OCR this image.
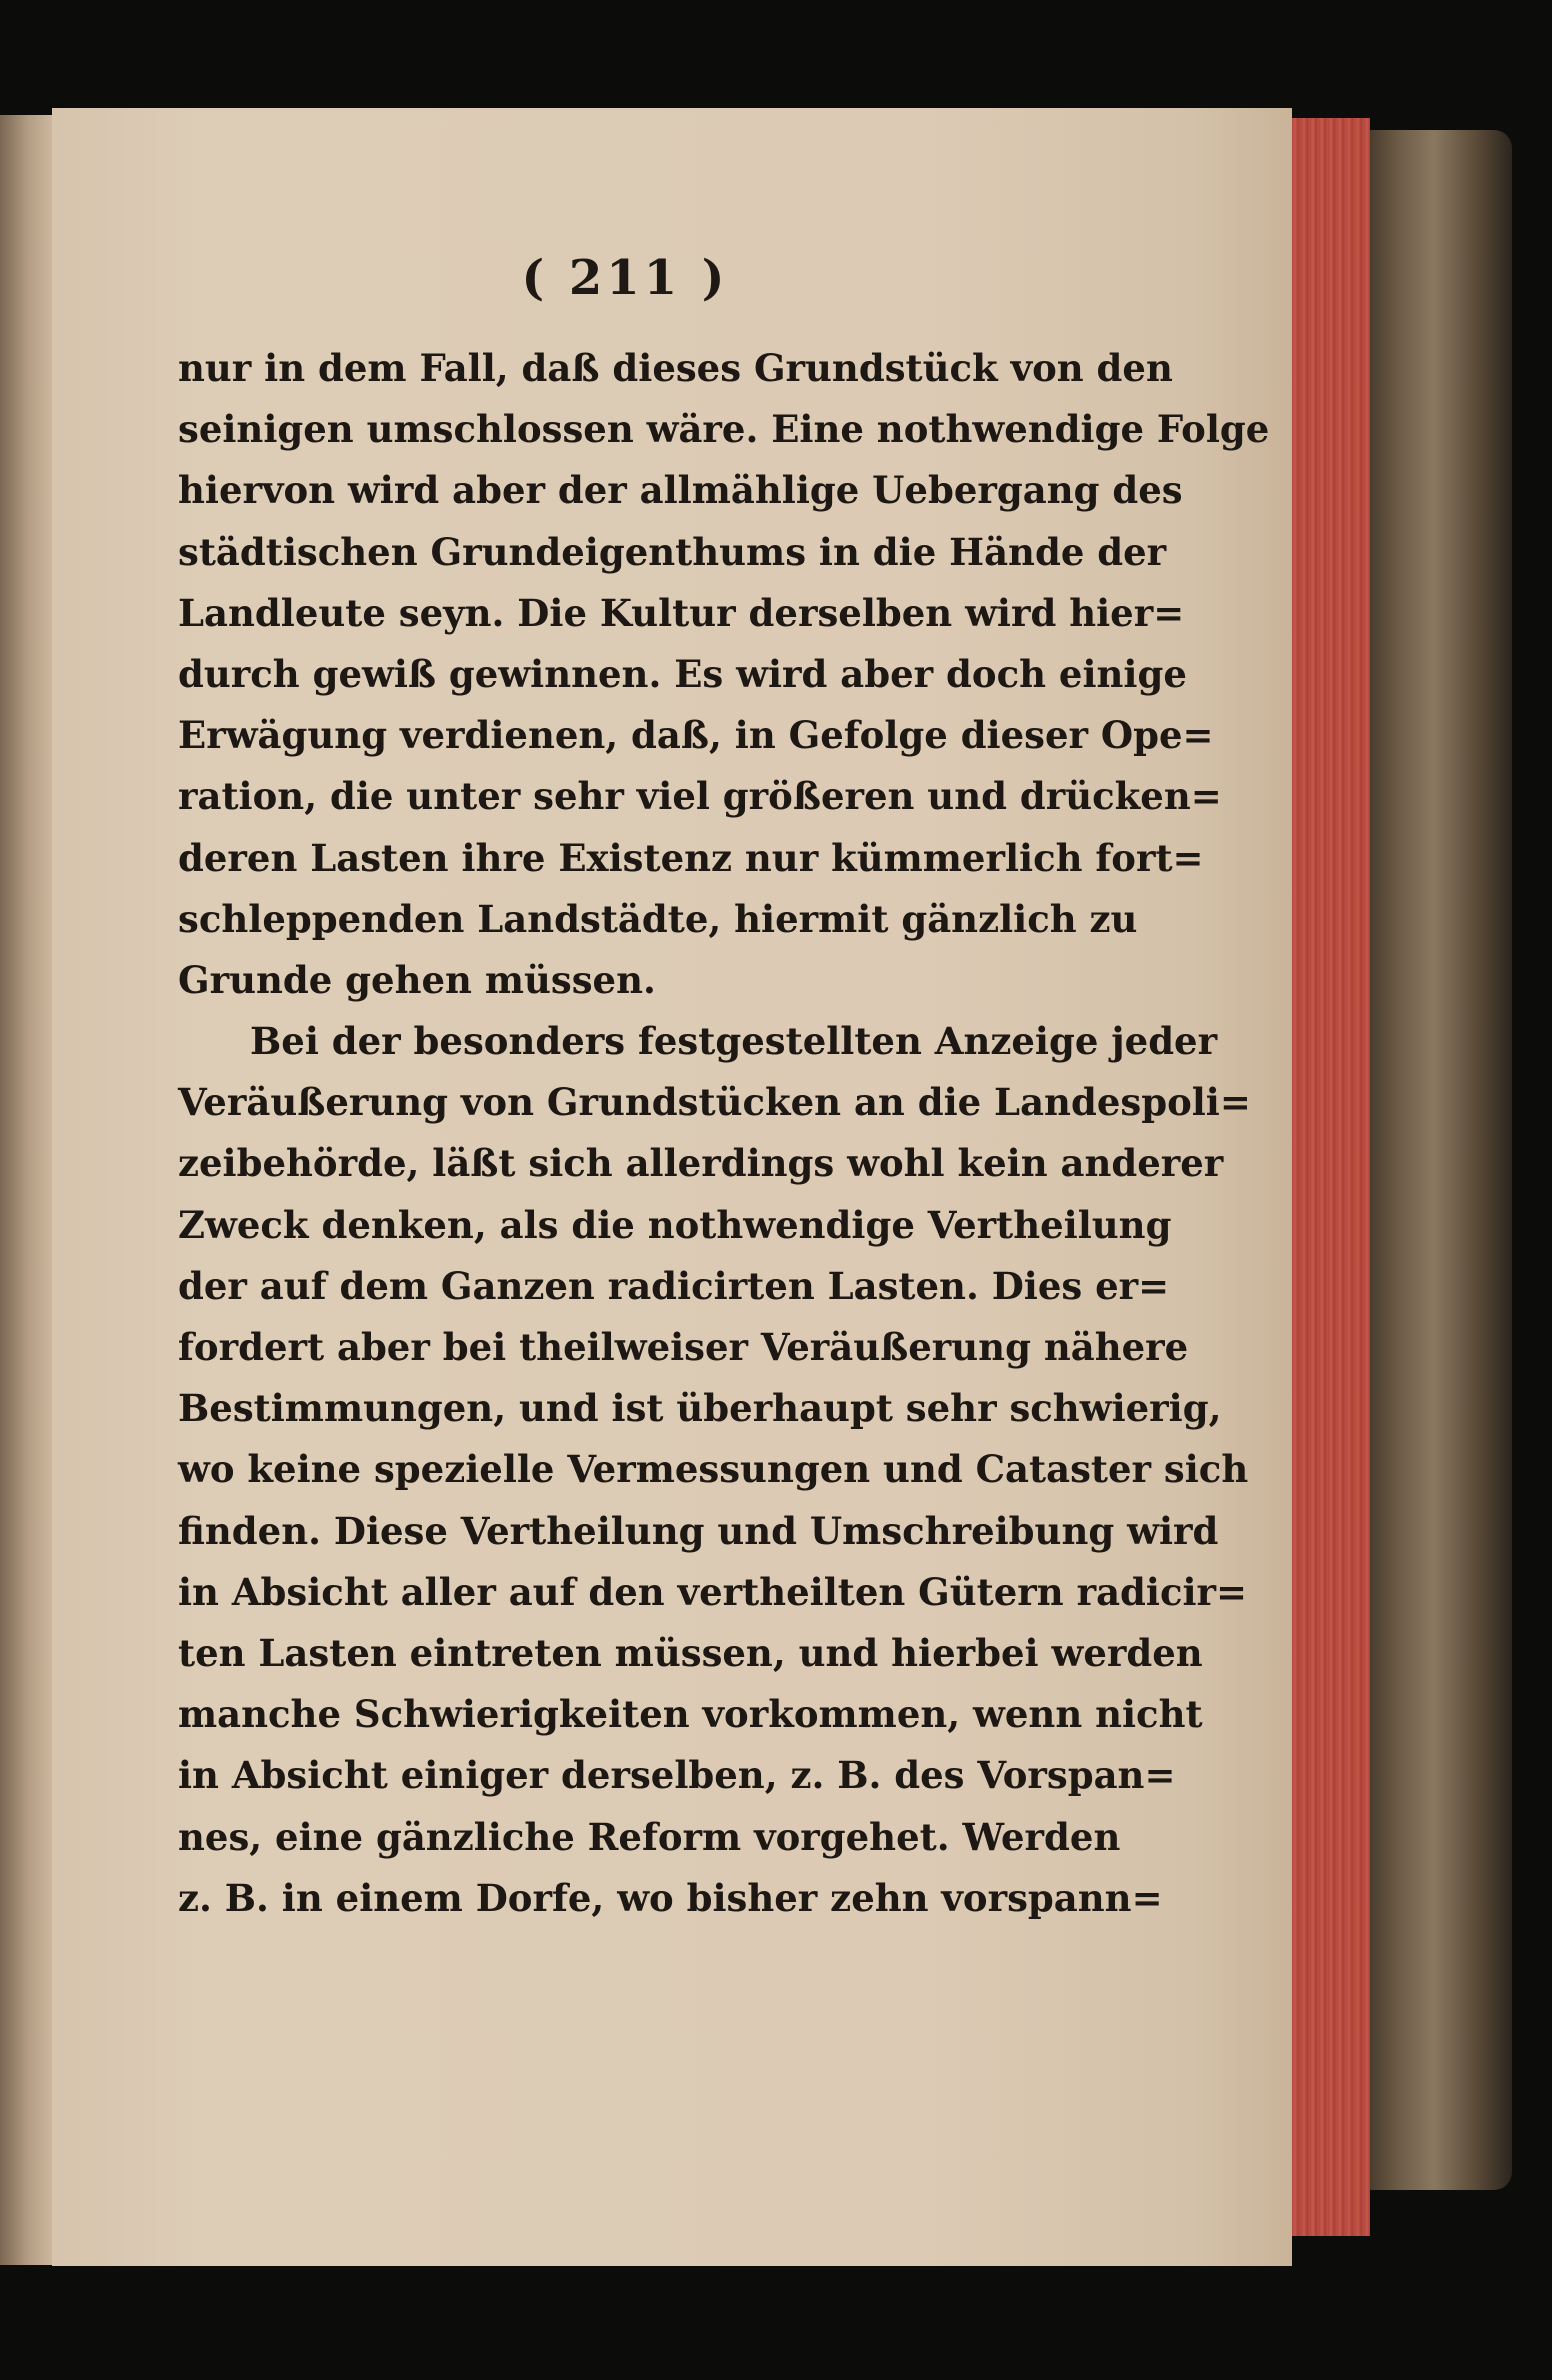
( 211 )
nur in dem Fall, daß dieses Grundstück von den
seinigen umschlossen wäre. Eine nothwendige Folge
hiervon wird aber der allmählige Uebergang des
städtischen Grundeigenthums in die Hände der
Landleute seyn. Die Kultur derselben wird hier=
durch gewiß gewinnen. Es wird aber doch einige
Erwägung verdienen, daß, in Gefolge dieser Ope=
ration, die unter sehr viel größeren und drücken=
deren Lasten ihre Existenz nur kümmerlich fort=
schleppenden Landstädte, hiermit gänzlich zu
Grunde gehen müssen.
Bei der besonders festgestellten Anzeige jeder
Veräußerung von Grundstücken an die Landespoli=
zeibehörde, läßt sich allerdings wohl kein anderer
Zweck denken, als die nothwendige Vertheilung
der auf dem Ganzen radicirten Lasten. Dies er=
fordert aber bei theilweiser Veräußerung nähere
Bestimmungen, und ist überhaupt sehr schwierig,
wo keine spezielle Vermessungen und Cataster sich
finden. Diese Vertheilung und Umschreibung wird
in Absicht aller auf den vertheilten Gütern radicir=
ten Lasten eintreten müssen, und hierbei werden
manche Schwierigkeiten vorkommen, wenn nicht
in Absicht einiger derselben, z. B. des Vorspan=
nes, eine gänzliche Reform vorgehet. Werden
z. B. in einem Dorfe, wo bisher zehn vorspann=
